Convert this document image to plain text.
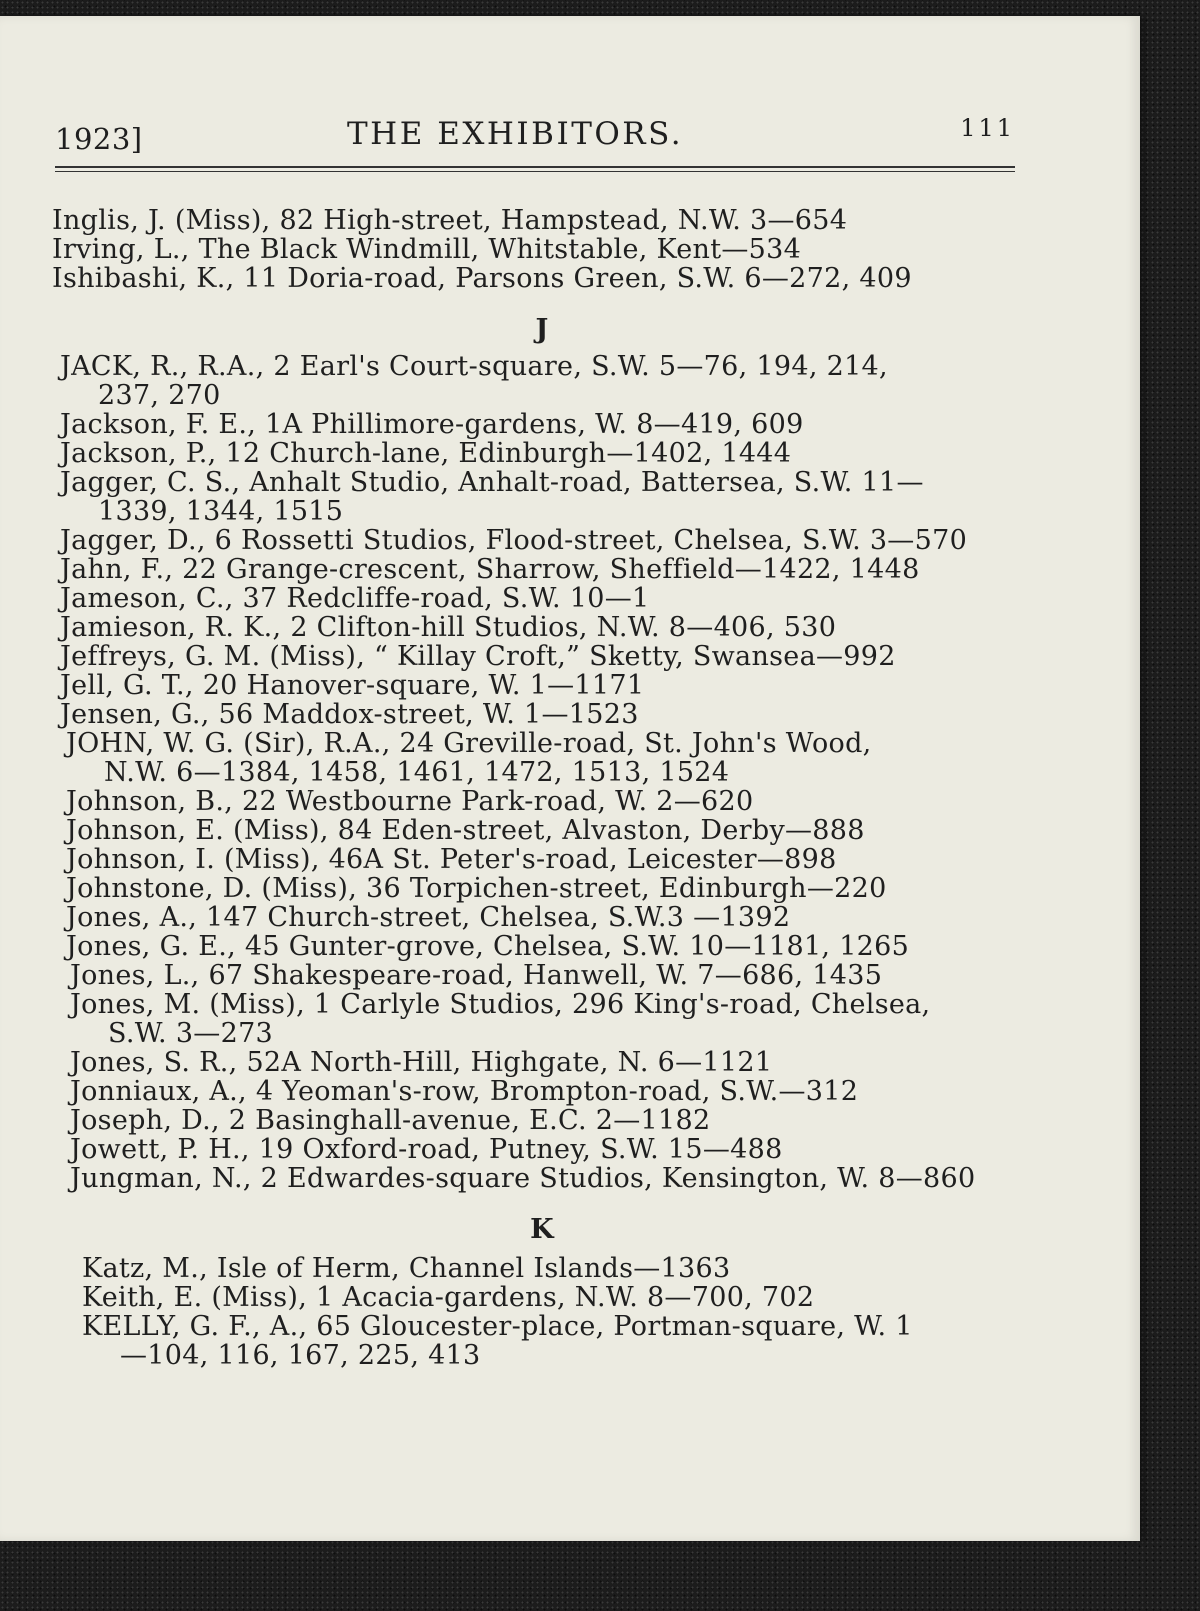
1923]	THE EXHIBITORS.	111
Inglis, J. (Miss), 82 High-street, Hampstead, N.W. 3—654
Irving, L., The Black Windmill, Whitstable, Kent—534
Ishibashi, K., 11 Doria-road, Parsons Green, S.W. 6—272, 409
J
JACK, R., R.A., 2 Earl's Court-square, S.W. 5—76, 194, 214,
237, 270
Jackson, F. E., 1A Phillimore-gardens, W. 8—419, 609
Jackson, P., 12 Church-lane, Edinburgh—1402, 1444
Jagger, C. S., Anhalt Studio, Anhalt-road, Battersea, S.W. 11—
1339, 1344, 1515
Jagger, D., 6 Rossetti Studios, Flood-street, Chelsea, S.W. 3—570
Jahn, F., 22 Grange-crescent, Sharrow, Sheffield—1422, 1448
Jameson, C., 37 Redcliffe-road, S.W. 10—1
Jamieson, R. K., 2 Clifton-hill Studios, N.W. 8—406, 530
Jeffreys, G. M. (Miss), “ Killay Croft,” Sketty, Swansea—992
Jell, G. T., 20 Hanover-square, W. 1—1171
Jensen, G., 56 Maddox-street, W. 1—1523
JOHN, W. G. (Sir), R.A., 24 Greville-road, St. John's Wood,
N.W. 6—1384, 1458, 1461, 1472, 1513, 1524
Johnson, B., 22 Westbourne Park-road, W. 2—620
Johnson, E. (Miss), 84 Eden-street, Alvaston, Derby—888
Johnson, I. (Miss), 46A St. Peter's-road, Leicester—898
Johnstone, D. (Miss), 36 Torpichen-street, Edinburgh—220
Jones, A., 147 Church-street, Chelsea, S.W.3 —1392
Jones, G. E., 45 Gunter-grove, Chelsea, S.W. 10—1181, 1265
Jones, L., 67 Shakespeare-road, Hanwell, W. 7—686, 1435
Jones, M. (Miss), 1 Carlyle Studios, 296 King's-road, Chelsea,
S.W. 3—273
Jones, S. R., 52A North-Hill, Highgate, N. 6—1121
Jonniaux, A., 4 Yeoman's-row, Brompton-road, S.W.—312
Joseph, D., 2 Basinghall-avenue, E.C. 2—1182
Jowett, P. H., 19 Oxford-road, Putney, S.W. 15—488
Jungman, N., 2 Edwardes-square Studios, Kensington, W. 8—860
K
Katz, M., Isle of Herm, Channel Islands—1363
Keith, E. (Miss), 1 Acacia-gardens, N.W. 8—700, 702
KELLY, G. F., A., 65 Gloucester-place, Portman-square, W. 1
—104, 116, 167, 225, 413
